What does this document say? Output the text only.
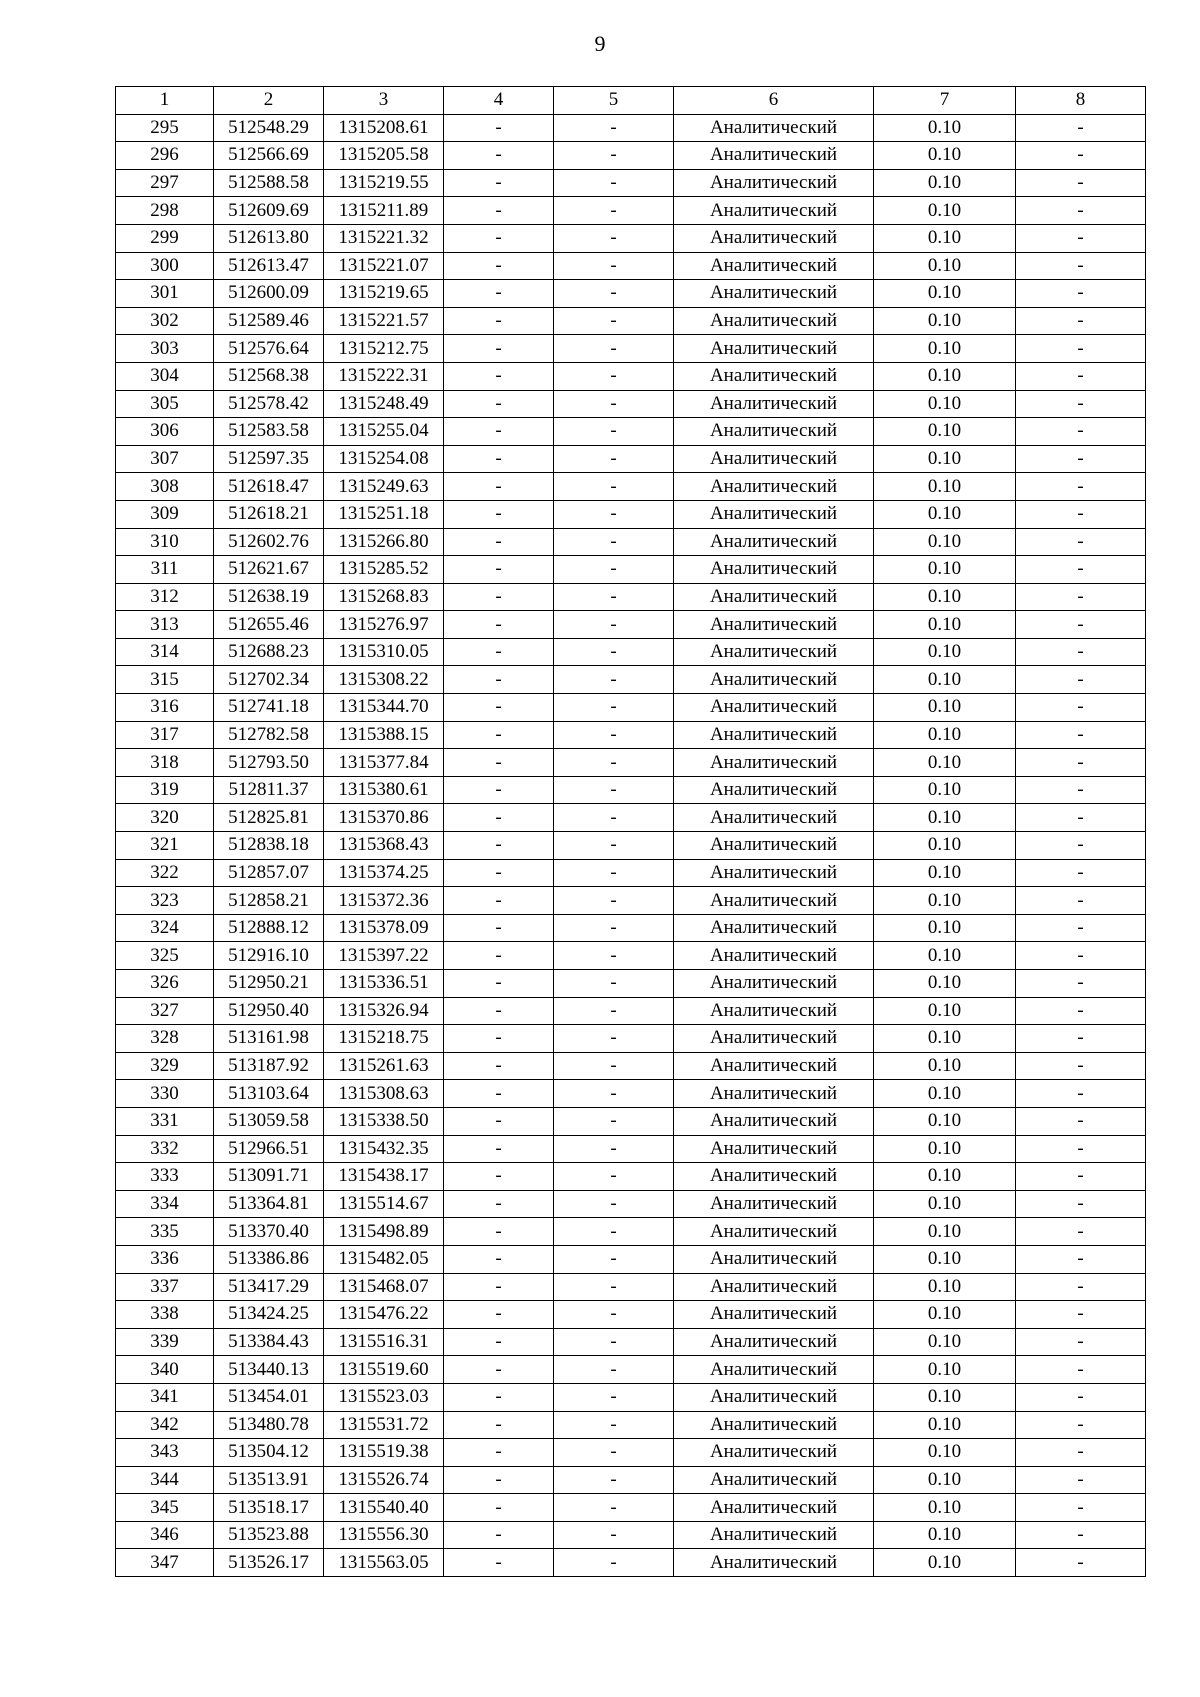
9
1	2	3	4	5	6	7	8
295	512548.29	1315208.61	-	-	Аналитический	0.10	-
296	512566.69	1315205.58	-	-	Аналитический	0.10	-
297	512588.58	1315219.55	-	-	Аналитический	0.10	-
298	512609.69	1315211.89	-	-	Аналитический	0.10	-
299	512613.80	1315221.32	-	-	Аналитический	0.10	-
300	512613.47	1315221.07	-	-	Аналитический	0.10	-
301	512600.09	1315219.65	-	-	Аналитический	0.10	-
302	512589.46	1315221.57	-	-	Аналитический	0.10	-
303	512576.64	1315212.75	-	-	Аналитический	0.10	-
304	512568.38	1315222.31	-	-	Аналитический	0.10	-
305	512578.42	1315248.49	-	-	Аналитический	0.10	-
306	512583.58	1315255.04	-	-	Аналитический	0.10	-
307	512597.35	1315254.08	-	-	Аналитический	0.10	-
308	512618.47	1315249.63	-	-	Аналитический	0.10	-
309	512618.21	1315251.18	-	-	Аналитический	0.10	-
310	512602.76	1315266.80	-	-	Аналитический	0.10	-
311	512621.67	1315285.52	-	-	Аналитический	0.10	-
312	512638.19	1315268.83	-	-	Аналитический	0.10	-
313	512655.46	1315276.97	-	-	Аналитический	0.10	-
314	512688.23	1315310.05	-	-	Аналитический	0.10	-
315	512702.34	1315308.22	-	-	Аналитический	0.10	-
316	512741.18	1315344.70	-	-	Аналитический	0.10	-
317	512782.58	1315388.15	-	-	Аналитический	0.10	-
318	512793.50	1315377.84	-	-	Аналитический	0.10	-
319	512811.37	1315380.61	-	-	Аналитический	0.10	-
320	512825.81	1315370.86	-	-	Аналитический	0.10	-
321	512838.18	1315368.43	-	-	Аналитический	0.10	-
322	512857.07	1315374.25	-	-	Аналитический	0.10	-
323	512858.21	1315372.36	-	-	Аналитический	0.10	-
324	512888.12	1315378.09	-	-	Аналитический	0.10	-
325	512916.10	1315397.22	-	-	Аналитический	0.10	-
326	512950.21	1315336.51	-	-	Аналитический	0.10	-
327	512950.40	1315326.94	-	-	Аналитический	0.10	-
328	513161.98	1315218.75	-	-	Аналитический	0.10	-
329	513187.92	1315261.63	-	-	Аналитический	0.10	-
330	513103.64	1315308.63	-	-	Аналитический	0.10	-
331	513059.58	1315338.50	-	-	Аналитический	0.10	-
332	512966.51	1315432.35	-	-	Аналитический	0.10	-
333	513091.71	1315438.17	-	-	Аналитический	0.10	-
334	513364.81	1315514.67	-	-	Аналитический	0.10	-
335	513370.40	1315498.89	-	-	Аналитический	0.10	-
336	513386.86	1315482.05	-	-	Аналитический	0.10	-
337	513417.29	1315468.07	-	-	Аналитический	0.10	-
338	513424.25	1315476.22	-	-	Аналитический	0.10	-
339	513384.43	1315516.31	-	-	Аналитический	0.10	-
340	513440.13	1315519.60	-	-	Аналитический	0.10	-
341	513454.01	1315523.03	-	-	Аналитический	0.10	-
342	513480.78	1315531.72	-	-	Аналитический	0.10	-
343	513504.12	1315519.38	-	-	Аналитический	0.10	-
344	513513.91	1315526.74	-	-	Аналитический	0.10	-
345	513518.17	1315540.40	-	-	Аналитический	0.10	-
346	513523.88	1315556.30	-	-	Аналитический	0.10	-
347	513526.17	1315563.05	-	-	Аналитический	0.10	-
